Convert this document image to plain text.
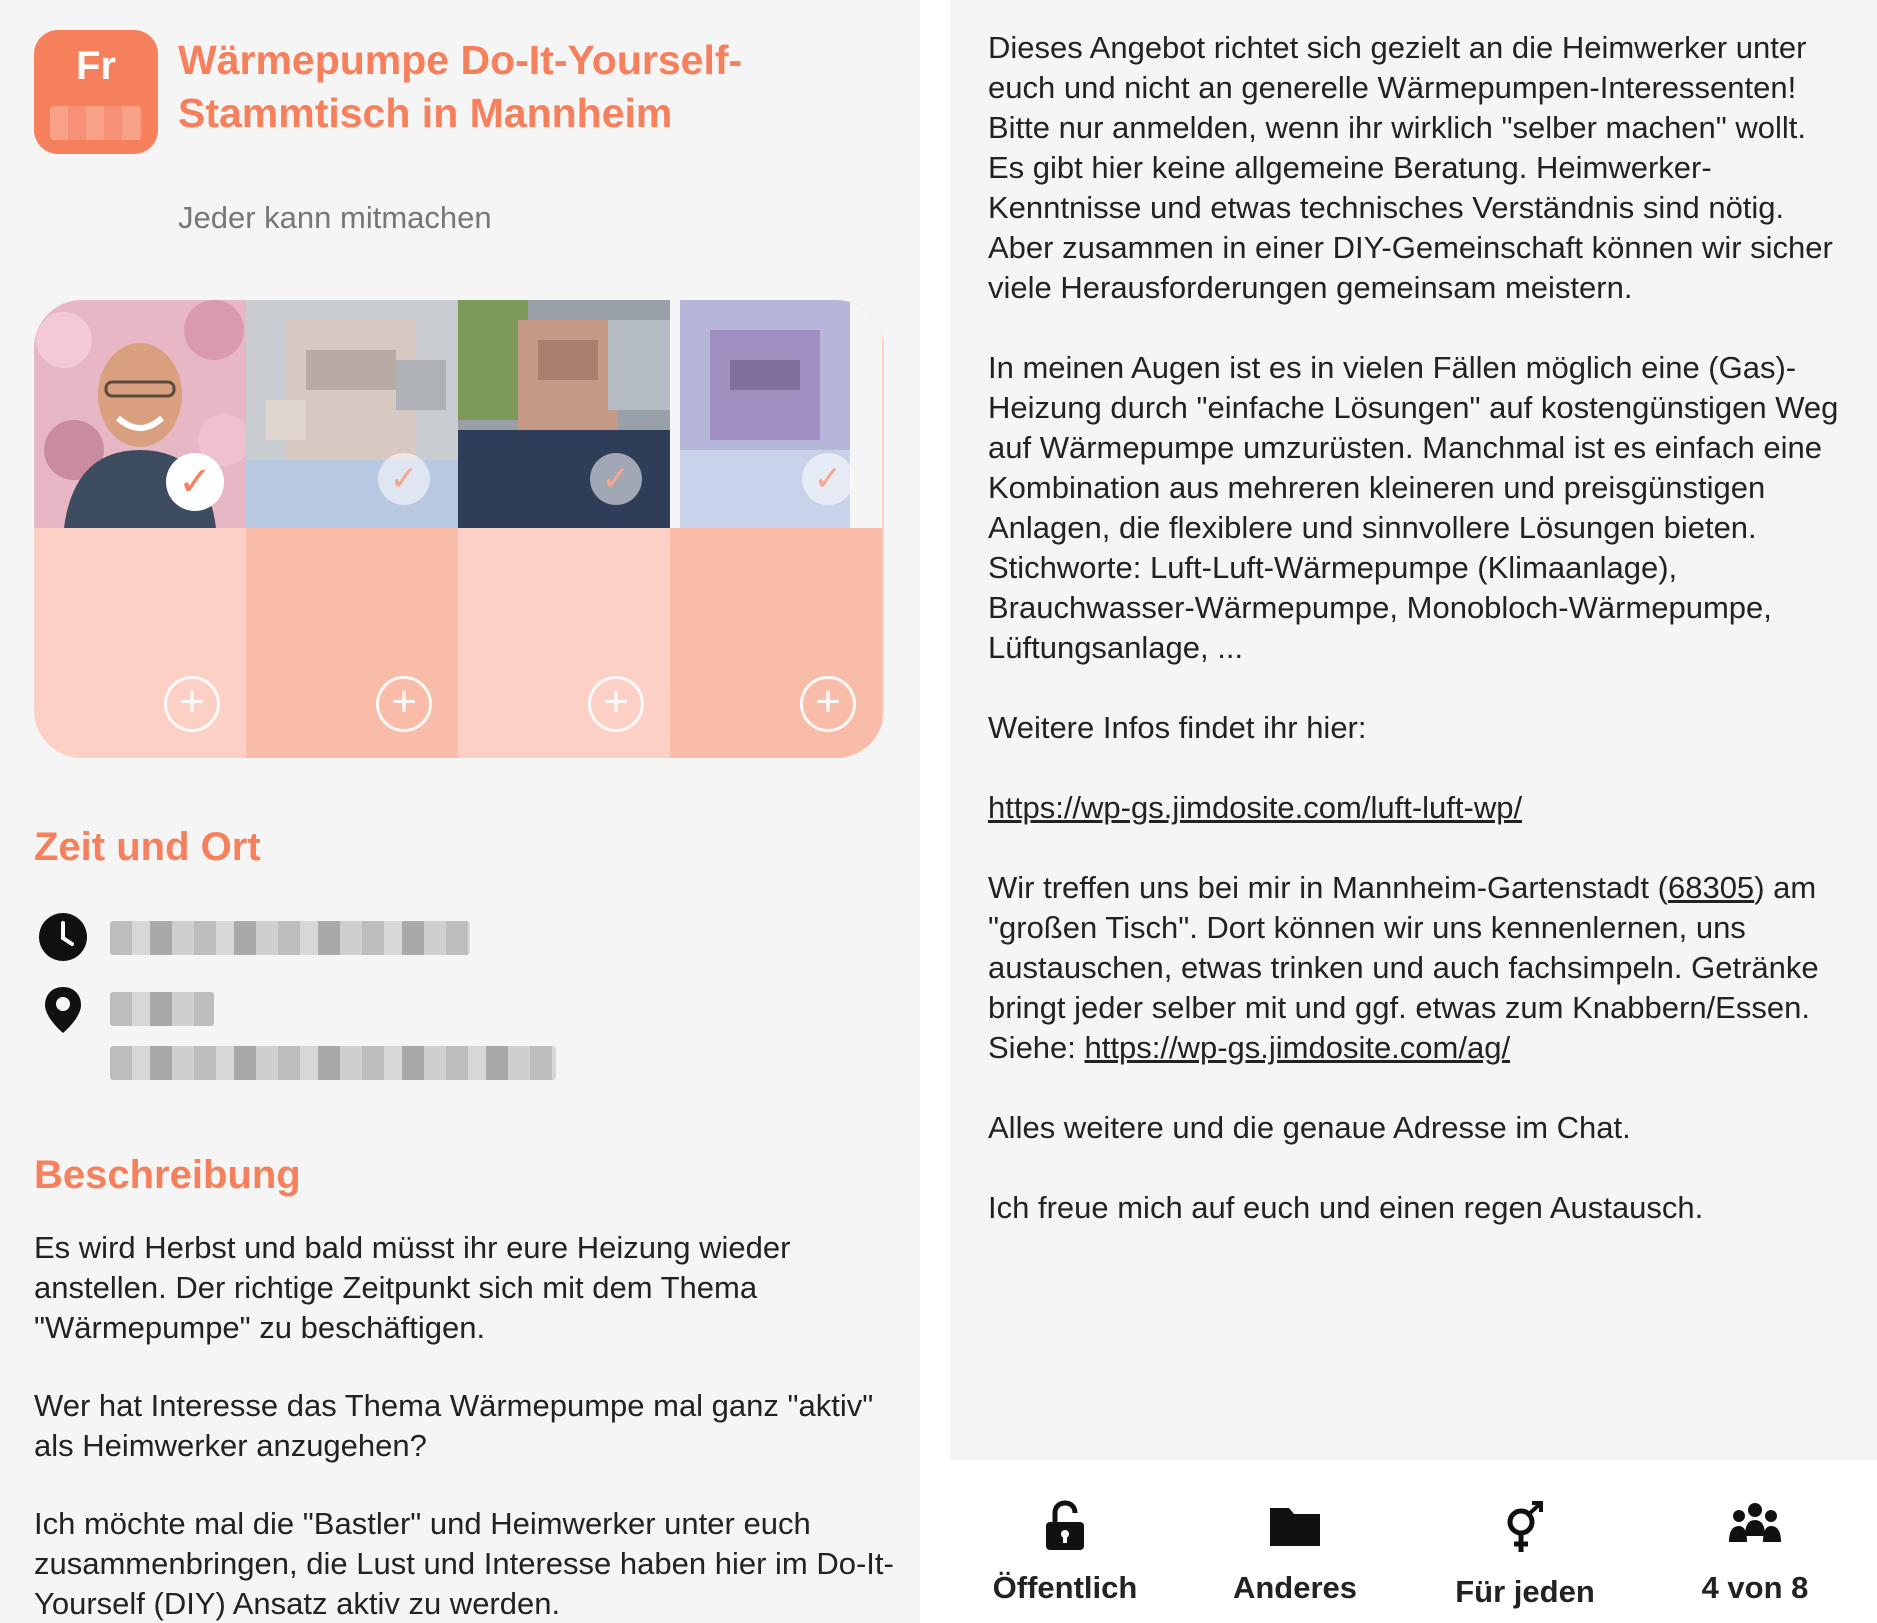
Fr	Wärmepumpe Do-It-Yourself-Stammtisch in Mannheim
Jeder kann mitmachen
✓
+
✓
+
✓
+
✓
+
Zeit und Ort
Beschreibung

Es wird Herbst und bald müsst ihr eure Heizung wieder anstellen. Der richtige Zeitpunkt sich mit dem Thema "Wärmepumpe" zu beschäftigen.

Wer hat Interesse das Thema Wärmepumpe mal ganz "aktiv" als Heimwerker anzugehen?

Ich möchte mal die "Bastler" und Heimwerker unter euch zusammenbringen, die Lust und Interesse haben hier im Do-It-Yourself (DIY) Ansatz aktiv zu werden.

Dieses Angebot richtet sich gezielt an die Heimwerker unter euch und nicht an generelle Wärmepumpen-Interessenten!

Bitte nur anmelden, wenn ihr wirklich "selber machen" wollt. Es gibt hier keine allgemeine Beratung. Heimwerker-Kenntnisse und etwas technisches Verständnis sind nötig. Aber zusammen in einer DIY-Gemeinschaft können wir sicher viele Herausforderungen gemeinsam meistern.

In meinen Augen ist es in vielen Fällen möglich eine (Gas)-Heizung durch "einfache Lösungen" auf kostengünstigen Weg auf Wärmepumpe umzurüsten. Manchmal ist es einfach eine Kombination aus mehreren kleineren und preisgünstigen Anlagen, die flexiblere und sinnvollere Lösungen bieten.

Stichworte: Luft-Luft-Wärmepumpe (Klimaanlage), Brauchwasser-Wärmepumpe, Monobloch-Wärmepumpe, Lüftungsanlage, ...

Weitere Infos findet ihr hier:

https://wp-gs.jimdosite.com/luft-luft-wp/

Wir treffen uns bei mir in Mannheim-Gartenstadt (68305) am "großen Tisch". Dort können wir uns kennenlernen, uns austauschen, etwas trinken und auch fachsimpeln. Getränke bringt jeder selber mit und ggf. etwas zum Knabbern/Essen.

Siehe: https://wp-gs.jimdosite.com/ag/

Alles weitere und die genaue Adresse im Chat.

Ich freue mich auf euch und einen regen Austausch.

Öffentlich	Anderes	Für jeden	4 von 8
